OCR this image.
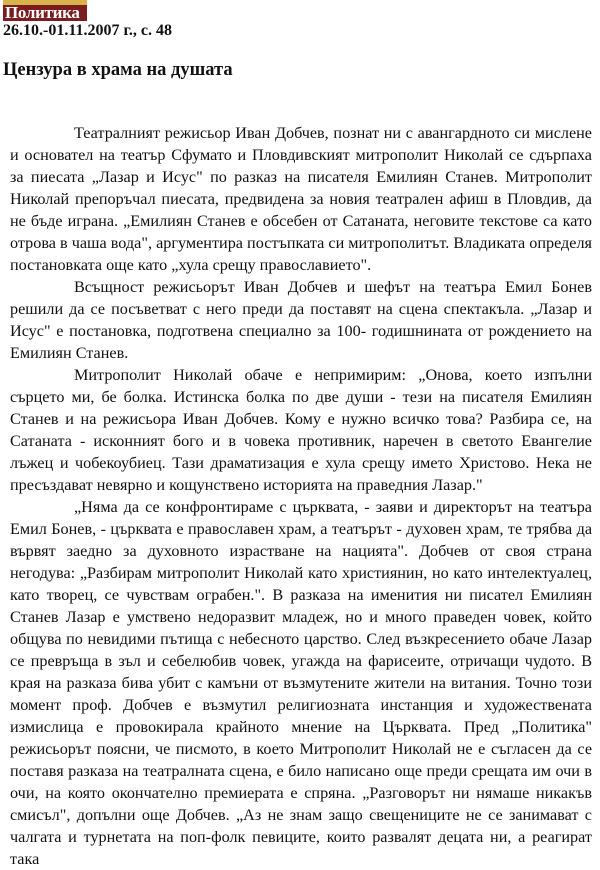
Политика
26.10.-01.11.2007 г., с. 48
Цензура в храма на душата

Театралният режисьор Иван Добчев, познат ни с авангардното си мислене и основател на театър Сфумато и Пловдивският митрополит Николай се сдърпаха за пиесата „Лазар и Исус" по разказ на писателя Емилиян Станев. Митрополит Николай препоръчал пиесата, предвидена за новия театрален афиш в Пловдив, да не бъде играна. „Емилиян Станев е обсебен от Сатаната, неговите текстове са като отрова в чаша вода", аргументира постъпката си митрополитът. Владиката определя постановката още като „хула срещу православието".

Всъщност режисьорът Иван Добчев и шефът на театъра Емил Бонев решили да се посъветват с него преди да поставят на сцена спектакъла. „Лазар и Исус" е постановка, подготвена специално за 100- годишнината от рождението на Емилиян Станев.

Митрополит Николай обаче е непримирим: „Онова, което изпълни сърцето ми, бе болка. Истинска болка по две души - тези на писателя Емилиян Станев и на режисьора Иван Добчев. Кому е нужно всичко това? Разбира се, на Сатаната - исконният бого и в човека противник, наречен в светото Евангелие лъжец и чобекоубиец. Тази драматизация е хула срещу името Христово. Нека не пресъздават невярно и кощунствено историята на праведния Лазар."

„Няма да се конфронтираме с църквата, - заяви и директорът на театъра Емил Бонев, - църквата е православен храм, а театърът - духовен храм, те трябва да вървят заедно за духовното израстване на нацията". Добчев от своя страна негодува: „Разбирам митрополит Николай като християнин, но като интелектуалец, като творец, се чувствам ограбен.". В разказа на именития ни писател Емилиян Станев Лазар е умствено недоразвит младеж, но и много праведен човек, който общува по невидими пътища с небесното царство. След възкресението обаче Лазар се превръща в зъл и себелюбив човек, угажда на фарисеите, отричащи чудото. В края на разказа бива убит с камъни от възмутените жители на витания. Точно този момент проф. Добчев е възмутил религиозната инстанция и художествената измислица е провокирала крайното мнение на Църквата. Пред „Политика" режисьорът поясни, че писмото, в което Митрополит Николай не е съгласен да се поставя разказа на театралната сцена, е било написано още преди срещата им очи в очи, на която окончателно премиерата е спряна. „Разговорът ни нямаше никакъв смисъл", допълни още Добчев. „Аз не знам защо свещениците не се занимават с чалгата и турнетата на поп-фолк певиците, които развалят децата ни, а реагират така
